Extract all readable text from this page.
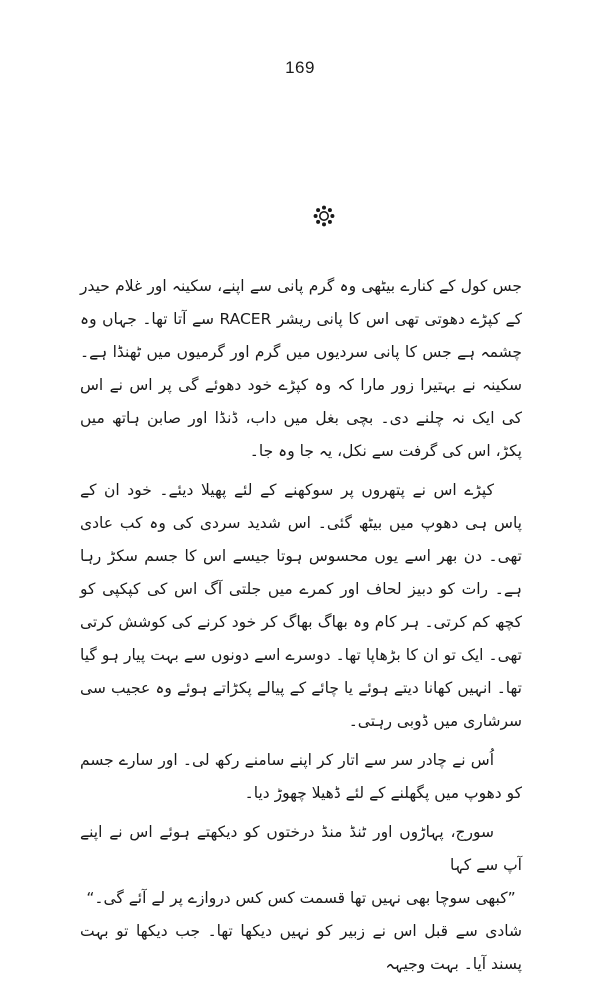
169

جس کول کے کنارے بیٹھی وہ گرم پانی سے اپنے، سکینہ اور غلام حیدر کے کپڑے دھوتی تھی اس کا پانی ریشر RACER سے آتا تھا۔ جہاں وہ چشمہ ہے جس کا پانی سردیوں میں گرم اور گرمیوں میں ٹھنڈا ہے۔ سکینہ نے بہتیرا زور مارا کہ وہ کپڑے خود دھوئے گی پر اس نے اس کی ایک نہ چلنے دی۔ بچی بغل میں داب، ڈنڈا اور صابن ہاتھ میں پکڑ، اس کی گرفت سے نکل، یہ جا وہ جا۔

کپڑے اس نے پتھروں پر سوکھنے کے لئے پھیلا دیئے۔ خود ان کے پاس ہی دھوپ میں بیٹھ گئی۔ اس شدید سردی کی وہ کب عادی تھی۔ دن بھر اسے یوں محسوس ہوتا جیسے اس کا جسم سکڑ رہا ہے۔ رات کو دبیز لحاف اور کمرے میں جلتی آگ اس کی کپکپی کو کچھ کم کرتی۔ ہر کام وہ بھاگ بھاگ کر خود کرنے کی کوشش کرتی تھی۔ ایک تو ان کا بڑھاپا تھا۔ دوسرے اسے دونوں سے بہت پیار ہو گیا تھا۔ انہیں کھانا دیتے ہوئے یا چائے کے پیالے پکڑاتے ہوئے وہ عجیب سی سرشاری میں ڈوبی رہتی۔

اُس نے چادر سر سے اتار کر اپنے سامنے رکھ لی۔ اور سارے جسم کو دھوپ میں پگھلنے کے لئے ڈھیلا چھوڑ دیا۔

سورج، پہاڑوں اور ٹنڈ منڈ درختوں کو دیکھتے ہوئے اس نے اپنے آپ سے کہا

”کبھی سوچا بھی نہیں تھا قسمت کس کس دروازے پر لے آئے گی۔“

شادی سے قبل اس نے زبیر کو نہیں دیکھا تھا۔ جب دیکھا تو بہت پسند آیا۔ بہت وجیہہ
